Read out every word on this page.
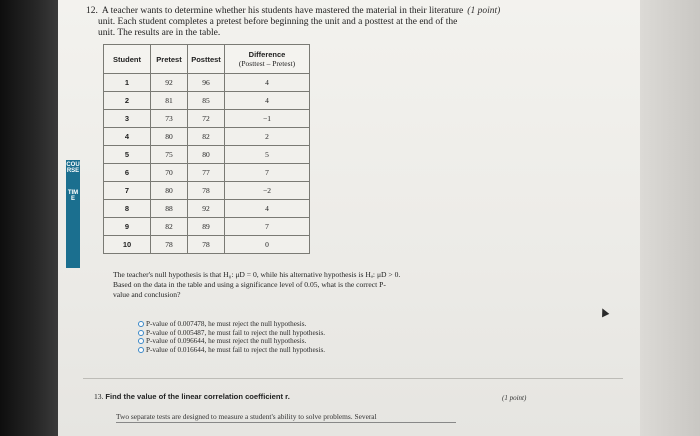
COURSE
TIME
12. A teacher wants to determine whether his students have mastered the material in their literature (1 point)
unit. Each student completes a pretest before beginning the unit and a posttest at the end of the
unit. The results are in the table.
Student	Pretest	Posttest	Difference
(Posttest – Pretest)

1	92	96	4
2	81	85	4
3	73	72	−1
4	80	82	2
5	75	80	5
6	70	77	7
7	80	78	−2
8	88	92	4
9	82	89	7
10	78	78	0
The teacher's null hypothesis is that H₀: μD = 0, while his alternative hypothesis is Hₐ: μD > 0.
Based on the data in the table and using a significance level of 0.05, what is the correct P-
value and conclusion?
P-value of 0.007478, he must reject the null hypothesis.
P-value of 0.005487, he must fail to reject the null hypothesis.
P-value of 0.096644, he must reject the null hypothesis.
P-value of 0.016644, he must fail to reject the null hypothesis.
13. Find the value of the linear correlation coefficient r.	(1 point)
Two separate tests are designed to measure a student's ability to solve problems. Several
